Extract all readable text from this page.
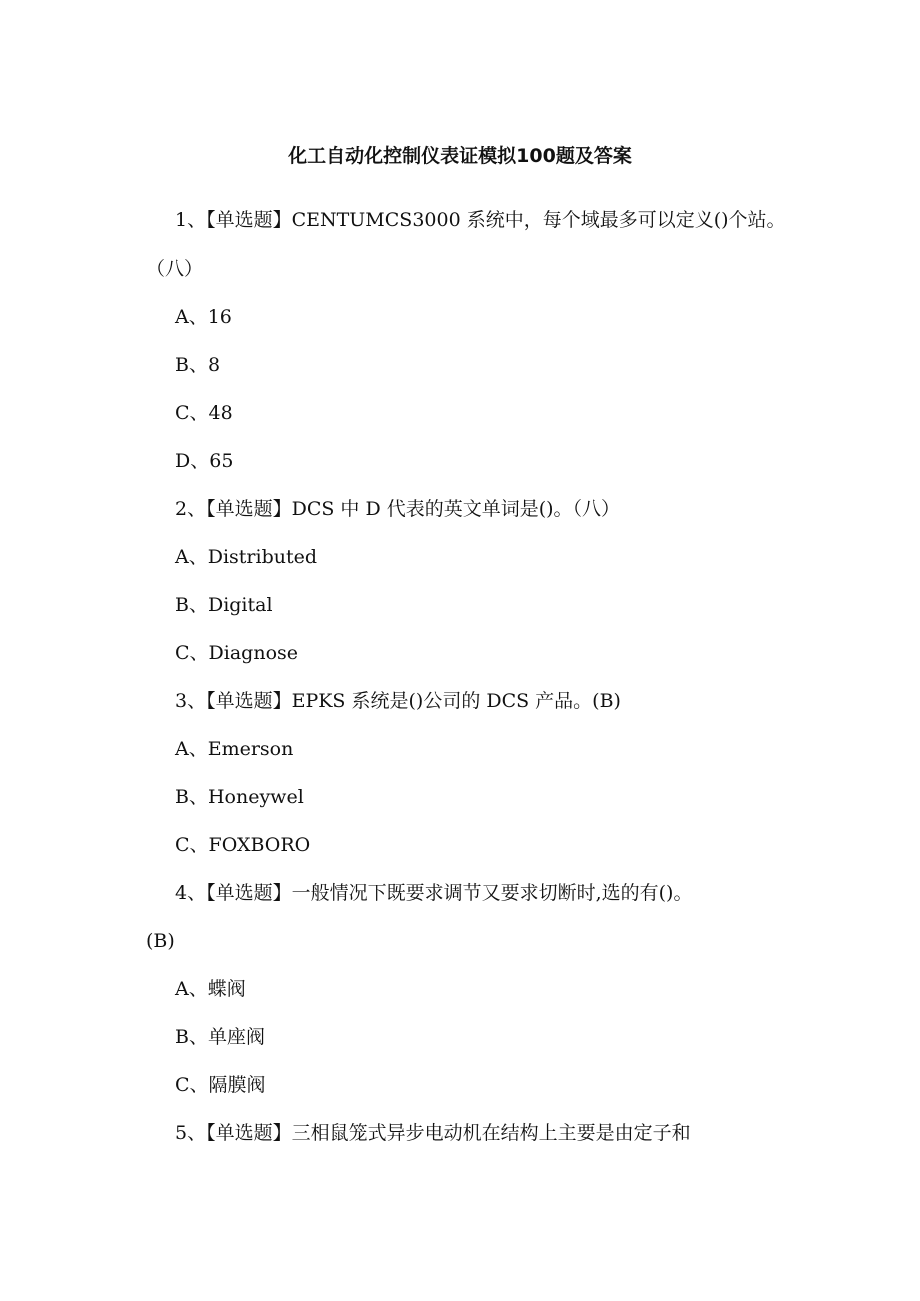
化工自动化控制仪表证模拟100题及答案
1、【单选题】CENTUMCS3000 系统中，每个域最多可以定义()个站。
（八）
A、16
B、8
C、48
D、65
2、【单选题】DCS 中 D 代表的英文单词是()。（八）
A、Distributed
B、Digital
C、Diagnose
3、【单选题】EPKS 系统是()公司的 DCS 产品。(B)
A、Emerson
B、Honeywel
C、FOXBORO
4、【单选题】一般情况下既要求调节又要求切断时,选的有()。
(B)
A、蝶阀
B、单座阀
C、隔膜阀
5、【单选题】三相鼠笼式异步电动机在结构上主要是由定子和
